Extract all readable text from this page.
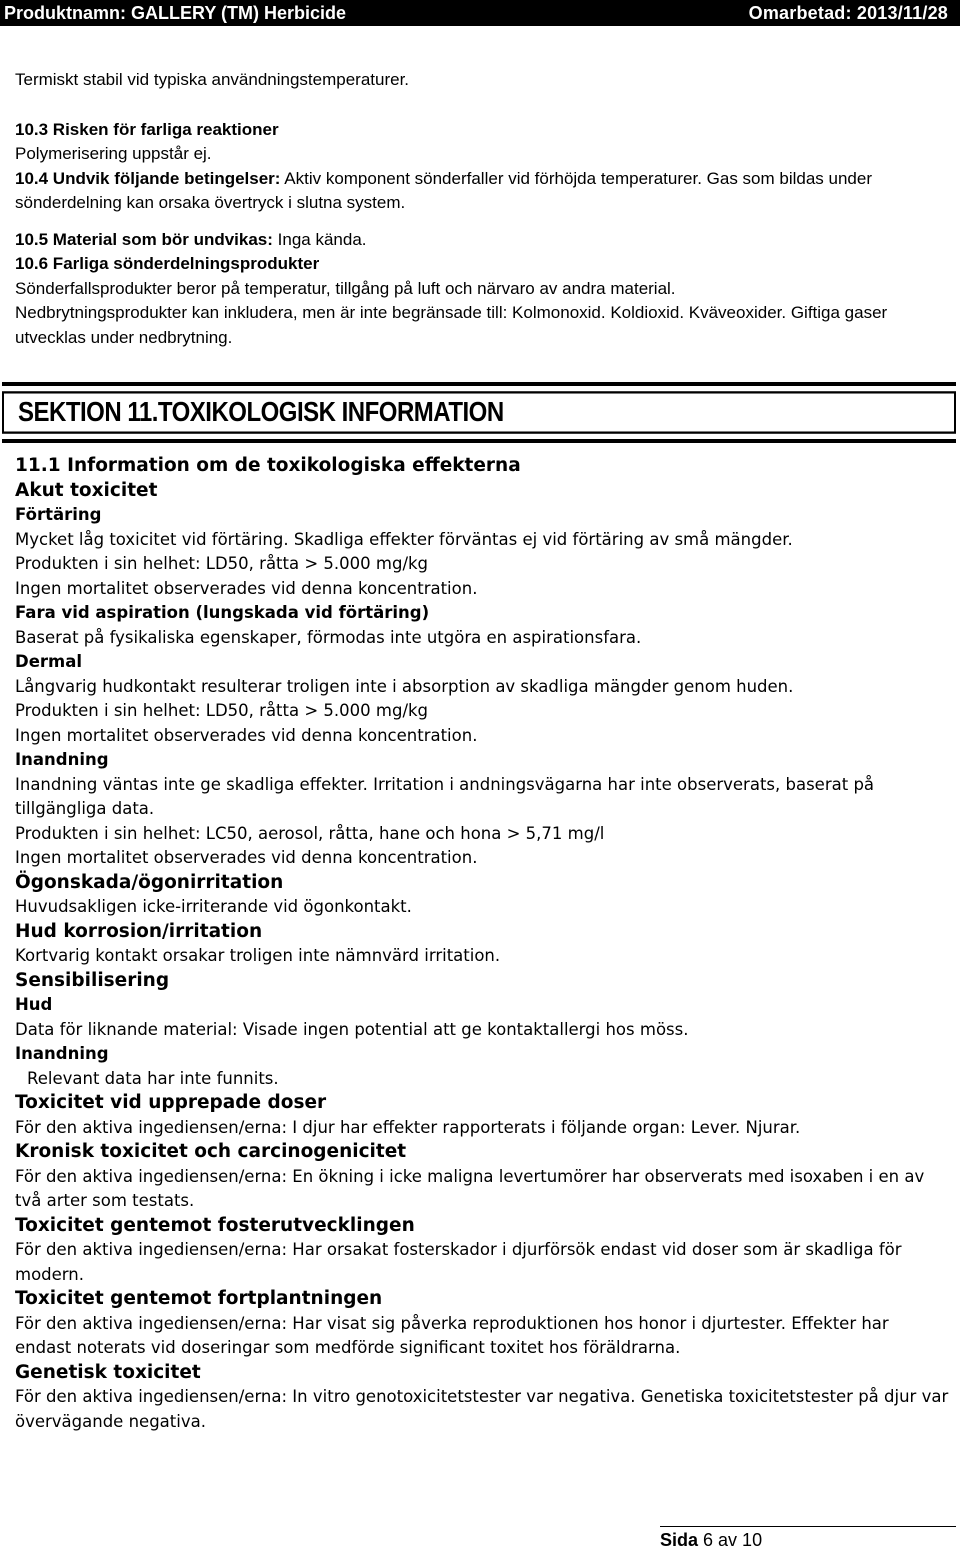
Produktnamn: GALLERY (TM) Herbicide	Omarbetad: 2013/11/28

Termiskt stabil vid typiska användningstemperaturer.

10.3 Risken för farliga reaktioner

Polymerisering uppstår ej.

10.4 Undvik följande betingelser: Aktiv komponent sönderfaller vid förhöjda temperaturer. Gas som bildas under sönderdelning kan orsaka övertryck i slutna system.

10.5 Material som bör undvikas: Inga kända.

10.6 Farliga sönderdelningsprodukter

Sönderfallsprodukter beror på temperatur, tillgång på luft och närvaro av andra material.

Nedbrytningsprodukter kan inkludera, men är inte begränsade till: Kolmonoxid. Koldioxid. Kväveoxider. Giftiga gaser utvecklas under nedbrytning.

SEKTION 11.TOXIKOLOGISK INFORMATION

11.1 Information om de toxikologiska effekterna

Akut toxicitet

Förtäring

Mycket låg toxicitet vid förtäring. Skadliga effekter förväntas ej vid förtäring av små mängder.

Produkten i sin helhet: LD50, råtta > 5.000 mg/kg

Ingen mortalitet observerades vid denna koncentration.

Fara vid aspiration (lungskada vid förtäring)

Baserat på fysikaliska egenskaper, förmodas inte utgöra en aspirationsfara.

Dermal

Långvarig hudkontakt resulterar troligen inte i absorption av skadliga mängder genom huden.

Produkten i sin helhet: LD50, råtta > 5.000 mg/kg

Ingen mortalitet observerades vid denna koncentration.

Inandning

Inandning väntas inte ge skadliga effekter. Irritation i andningsvägarna har inte observerats, baserat på tillgängliga data.

Produkten i sin helhet: LC50, aerosol, råtta, hane och hona > 5,71 mg/l

Ingen mortalitet observerades vid denna koncentration.

Ögonskada/ögonirritation

Huvudsakligen icke-irriterande vid ögonkontakt.

Hud korrosion/irritation

Kortvarig kontakt orsakar troligen inte nämnvärd irritation.

Sensibilisering

Hud

Data för liknande material: Visade ingen potential att ge kontaktallergi hos möss.

Inandning

Relevant data har inte funnits.

Toxicitet vid upprepade doser

För den aktiva ingediensen/erna: I djur har effekter rapporterats i följande organ: Lever. Njurar.

Kronisk toxicitet och carcinogenicitet

För den aktiva ingediensen/erna: En ökning i icke maligna levertumörer har observerats med isoxaben i en av två arter som testats.

Toxicitet gentemot fosterutvecklingen

För den aktiva ingediensen/erna: Har orsakat fosterskador i djurförsök endast vid doser som är skadliga för modern.

Toxicitet gentemot fortplantningen

För den aktiva ingediensen/erna: Har visat sig påverka reproduktionen hos honor i djurtester. Effekter har endast noterats vid doseringar som medförde significant toxitet hos föräldrarna.

Genetisk toxicitet

För den aktiva ingediensen/erna: In vitro genotoxicitetstester var negativa. Genetiska toxicitetstester på djur var övervägande negativa.

Sida 6 av 10
